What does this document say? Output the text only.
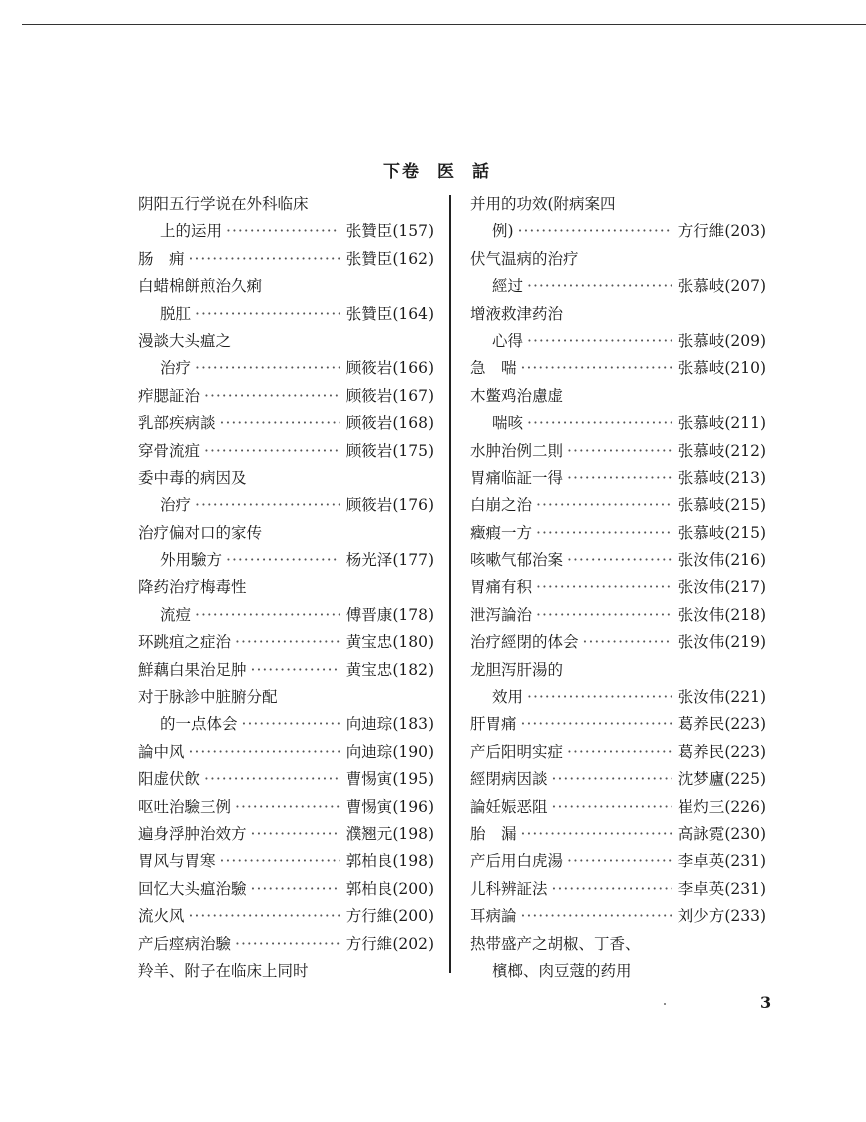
下卷 医 話
阴阳五行学说在外科临床
上的运用 ·····	张贊臣(157)
肠　痈 ·····	张贊臣(162)
白蜡棉餅煎治久痢
脱肛 ·····	张贊臣(164)
漫談大头瘟之
治疗 ·····	顾筱岩(166)
痄腮証治 ·····	顾筱岩(167)
乳部疾病談 ·····	顾筱岩(168)
穿骨流疽 ·····	顾筱岩(175)
委中毒的病因及
治疗 ·····	顾筱岩(176)
治疗偏对口的家传
外用驗方 ·····	杨光泽(177)
降药治疗梅毒性
流痘 ·····	傅晋康(178)
环跳疽之症治 ·····	黄宝忠(180)
鮮藕白果治足肿 ·····	黄宝忠(182)
对于脉診中脏腑分配
的一点体会 ·····	向迪琮(183)
論中风 ·····	向迪琮(190)
阳虚伏飲 ·····	曹惕寅(195)
呕吐治驗三例 ·····	曹惕寅(196)
遍身浮肿治效方 ·····	濮翘元(198)
胃风与胃寒 ·····	郭柏良(198)
回忆大头瘟治驗 ·····	郭柏良(200)
流火风 ·····	方行維(200)
产后痙病治驗 ·····	方行維(202)
羚羊、附子在临床上同时
并用的功效(附病案四
例) ·····	方行維(203)
伏气温病的治疗
經过 ·····	张慕岐(207)
增液救津药治
心得 ·····	张慕岐(209)
急　喘 ·····	张慕岐(210)
木鳖鸡治慮虚
喘咳 ·····	张慕岐(211)
水肿治例二則 ·····	张慕岐(212)
胃痛临証一得 ·····	张慕岐(213)
白崩之治 ·····	张慕岐(215)
癥瘕一方 ·····	张慕岐(215)
咳嗽气郁治案 ·····	张汝伟(216)
胃痛有积 ·····	张汝伟(217)
泄泻論治 ·····	张汝伟(218)
治疗經閉的体会 ·····	张汝伟(219)
龙胆泻肝湯的
效用 ·····	张汝伟(221)
肝胃痛 ·····	葛养民(223)
产后阳明实症 ·····	葛养民(223)
經閉病因談 ·····	沈梦廬(225)
論妊娠恶阻 ·····	崔灼三(226)
胎　漏 ·····	高詠霓(230)
产后用白虎湯 ·····	李卓英(231)
儿科辨証法 ·····	李卓英(231)
耳病論 ·····	刘少方(233)
热带盛产之胡椒、丁香、
檳榔、肉豆蔻的药用
3
